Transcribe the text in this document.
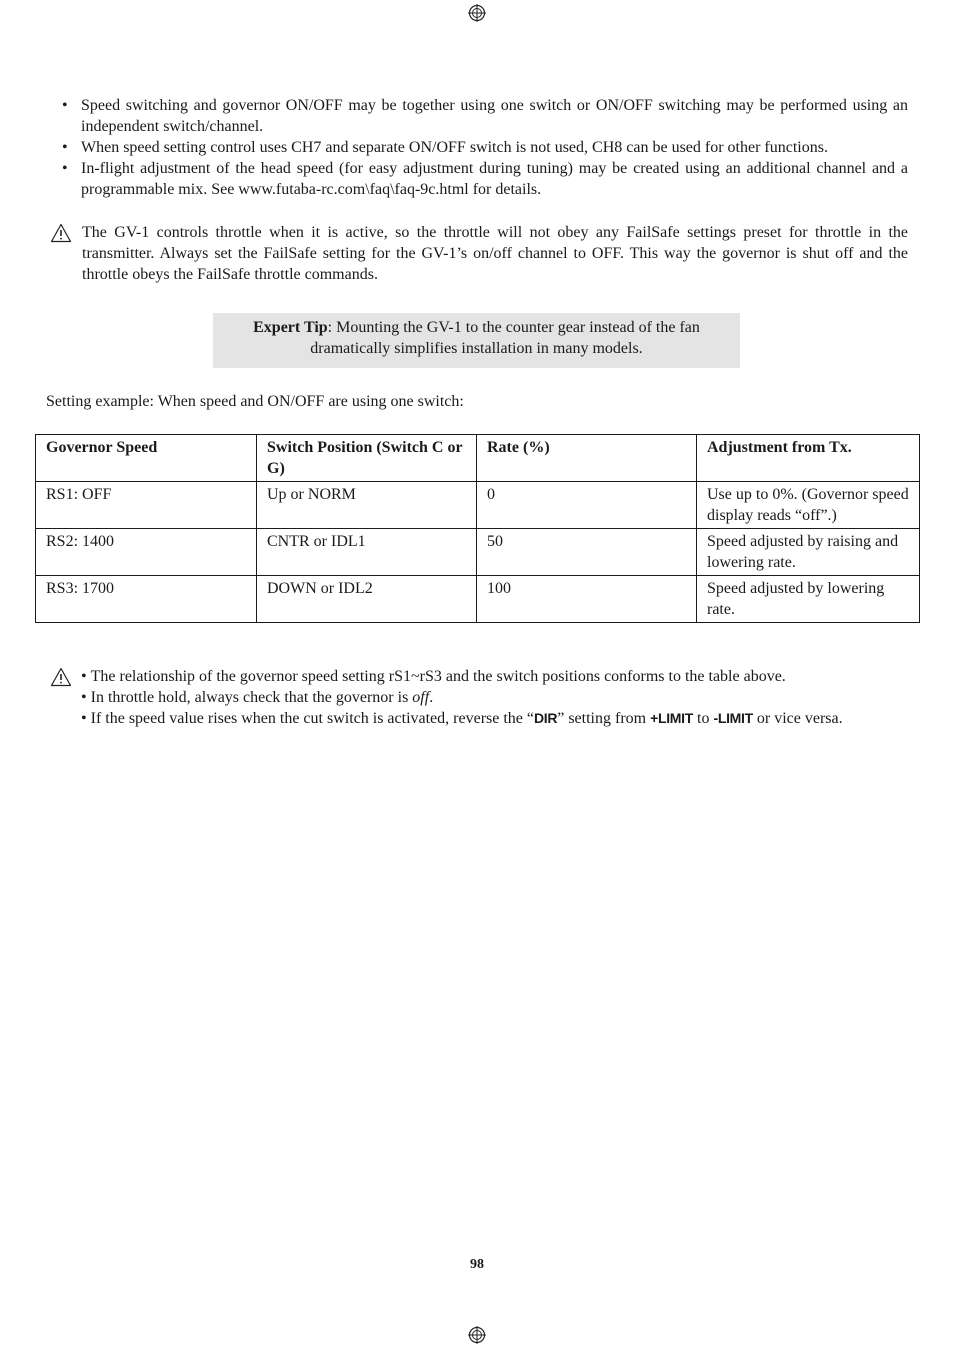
• Speed switching and governor ON/OFF may be together using one switch or ON/OFF switching may be performed using an independent switch/channel.
• When speed setting control uses CH7 and separate ON/OFF switch is not used, CH8 can be used for other functions.
• In-flight adjustment of the head speed (for easy adjustment during tuning) may be created using an additional channel and a programmable mix. See www.futaba-rc.com\faq\faq-9c.html for details.
The GV-1 controls throttle when it is active, so the throttle will not obey any FailSafe settings preset for throttle in the transmitter. Always set the FailSafe setting for the GV-1’s on/off channel to OFF. This way the governor is shut off and the throttle obeys the FailSafe throttle commands.
Expert Tip: Mounting the GV-1 to the counter gear instead of the fan dramatically simplifies installation in many models.
Setting example: When speed and ON/OFF are using one switch:
Governor Speed	Switch Position (Switch C or G)	Rate (%)	Adjustment from Tx.
RS1: OFF	Up or NORM	0	Use up to 0%. (Governor speed display reads “off”.)
RS2: 1400	CNTR or IDL1	50	Speed adjusted by raising and lowering rate.
RS3: 1700	DOWN or IDL2	100	Speed adjusted by lowering rate.
• The relationship of the governor speed setting rS1~rS3 and the switch positions conforms to the table above.
• In throttle hold, always check that the governor is off.
• If the speed value rises when the cut switch is activated, reverse the “DIR” setting from +LIMIT to -LIMIT or vice versa.
98
